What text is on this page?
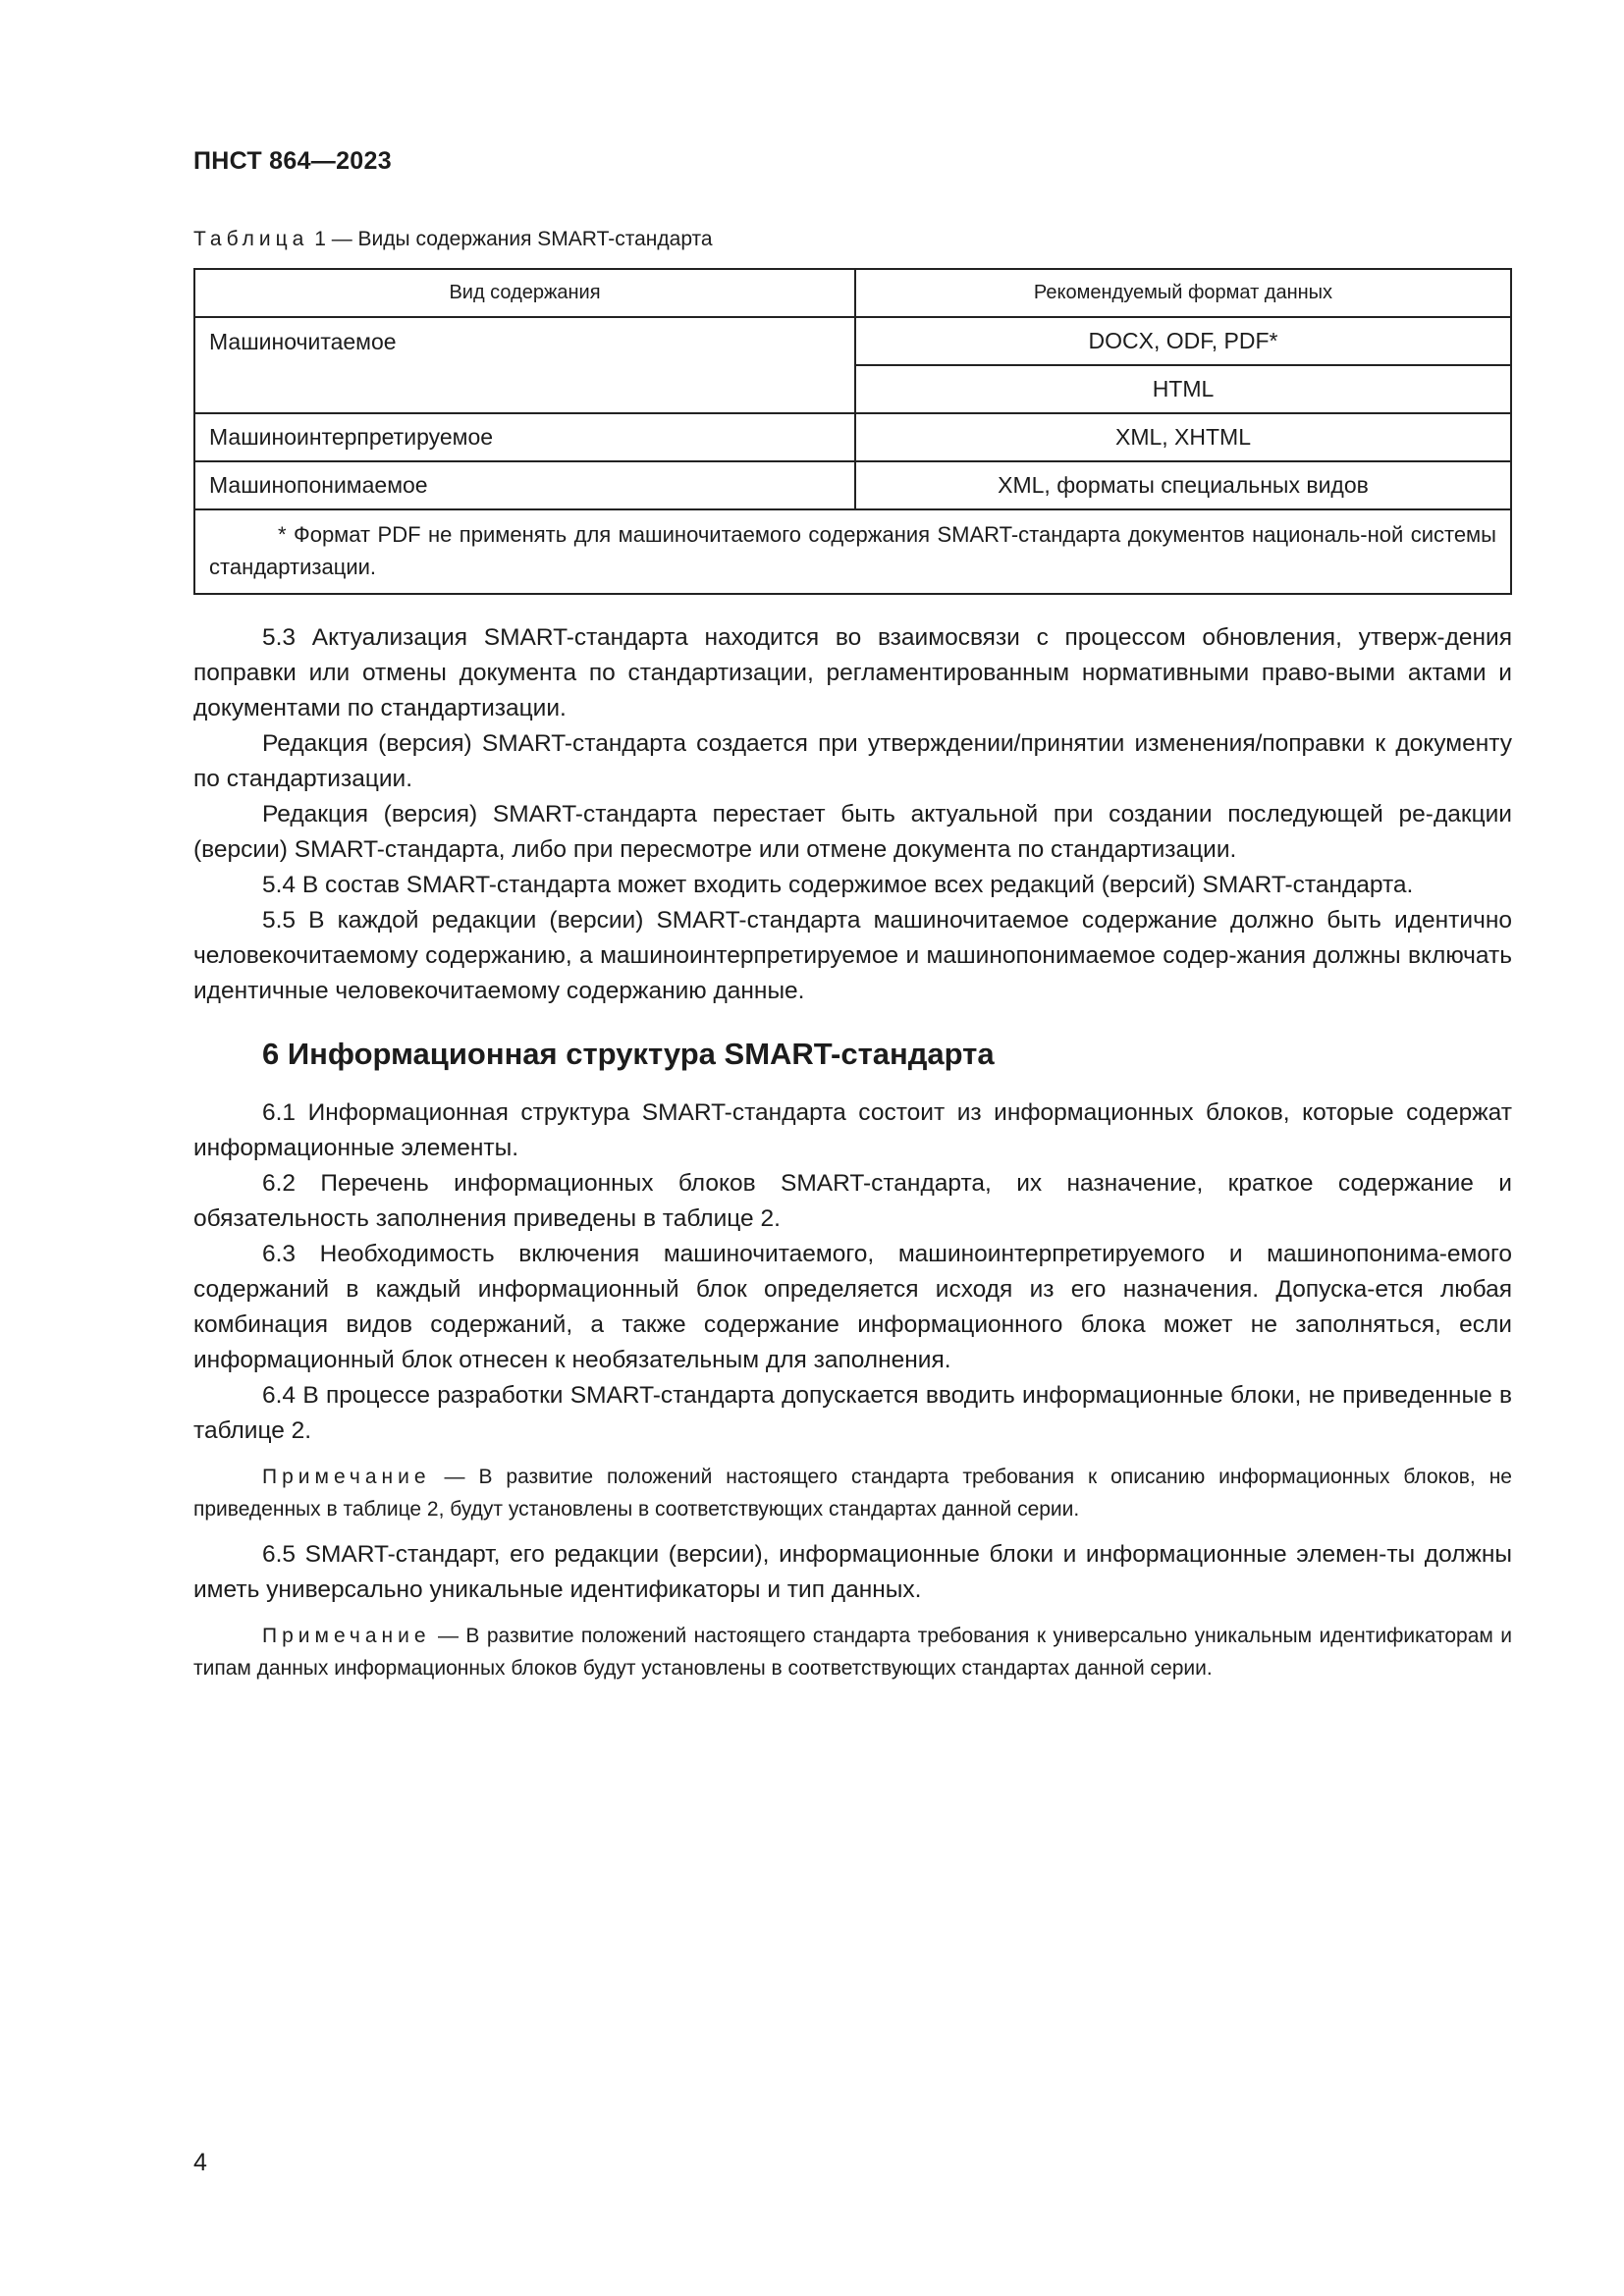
ПНСТ 864—2023
Таблица 1 — Виды содержания SMART-стандарта
Вид содержания	Рекомендуемый формат данных
Машиночитаемое	DOCX, ODF, PDF*
	HTML
Машиноинтерпретируемое	XML, XHTML
Машинопонимаемое	XML, форматы специальных видов

* Формат PDF не применять для машиночитаемого содержания SMART-стандарта документов националь-ной системы стандартизации.	

5.3 Актуализация SMART-стандарта находится во взаимосвязи с процессом обновления, утверж-дения поправки или отмены документа по стандартизации, регламентированным нормативными право-выми актами и документами по стандартизации.

Редакция (версия) SMART-стандарта создается при утверждении/принятии изменения/поправки к документу по стандартизации.

Редакция (версия) SMART-стандарта перестает быть актуальной при создании последующей ре-дакции (версии) SMART-стандарта, либо при пересмотре или отмене документа по стандартизации.

5.4 В состав SMART-стандарта может входить содержимое всех редакций (версий) SMART-стандарта.

5.5 В каждой редакции (версии) SMART-стандарта машиночитаемое содержание должно быть идентично человекочитаемому содержанию, а машиноинтерпретируемое и машинопонимаемое содер-жания должны включать идентичные человекочитаемому содержанию данные.

6 Информационная структура SMART-стандарта

6.1 Информационная структура SMART-стандарта состоит из информационных блоков, которые содержат информационные элементы.

6.2 Перечень информационных блоков SMART-стандарта, их назначение, краткое содержание и обязательность заполнения приведены в таблице 2.

6.3 Необходимость включения машиночитаемого, машиноинтерпретируемого и машинопонима-емого содержаний в каждый информационный блок определяется исходя из его назначения. Допуска-ется любая комбинация видов содержаний, а также содержание информационного блока может не заполняться, если информационный блок отнесен к необязательным для заполнения.

6.4 В процессе разработки SMART-стандарта допускается вводить информационные блоки, не приведенные в таблице 2.

Примечание — В развитие положений настоящего стандарта требования к описанию информационных блоков, не приведенных в таблице 2, будут установлены в соответствующих стандартах данной серии.

6.5 SMART-стандарт, его редакции (версии), информационные блоки и информационные элемен-ты должны иметь универсально уникальные идентификаторы и тип данных.

Примечание — В развитие положений настоящего стандарта требования к универсально уникальным идентификаторам и типам данных информационных блоков будут установлены в соответствующих стандартах данной серии.

4
